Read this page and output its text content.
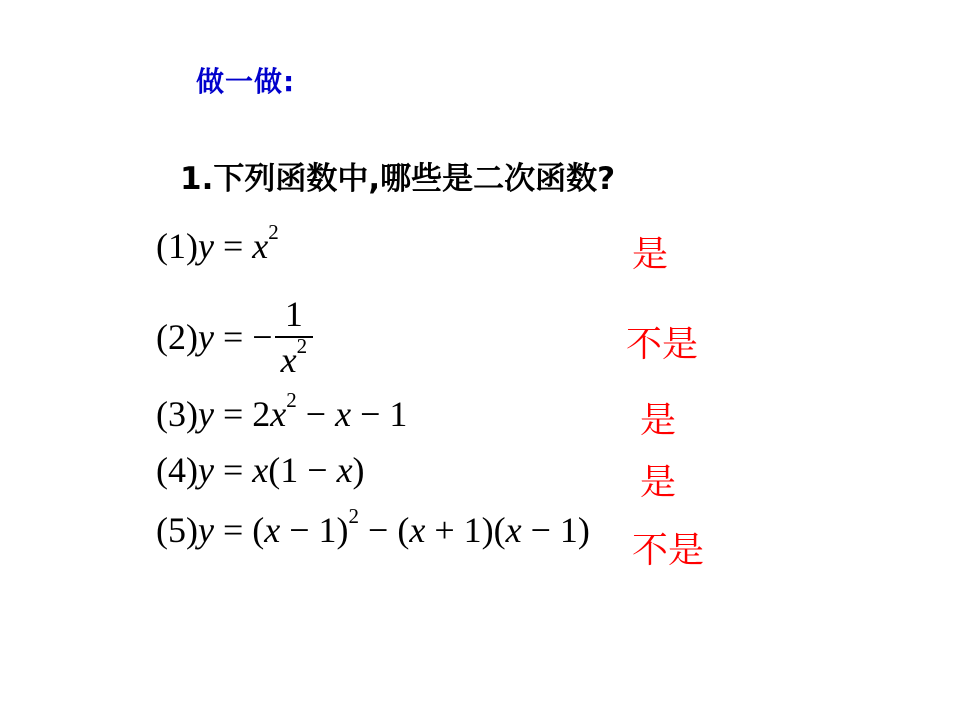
做一做:
1.下列函数中,哪些是二次函数?
$(1)y = x^2$
(2)y = − $\frac{1}{x^2}$
$(3)y = 2x^2 - x - 1$
(4)y = x(1 − x)
$(5)y = (x - 1)^2 - (x + 1)(x - 1)$
是
不是
是
是
不是
